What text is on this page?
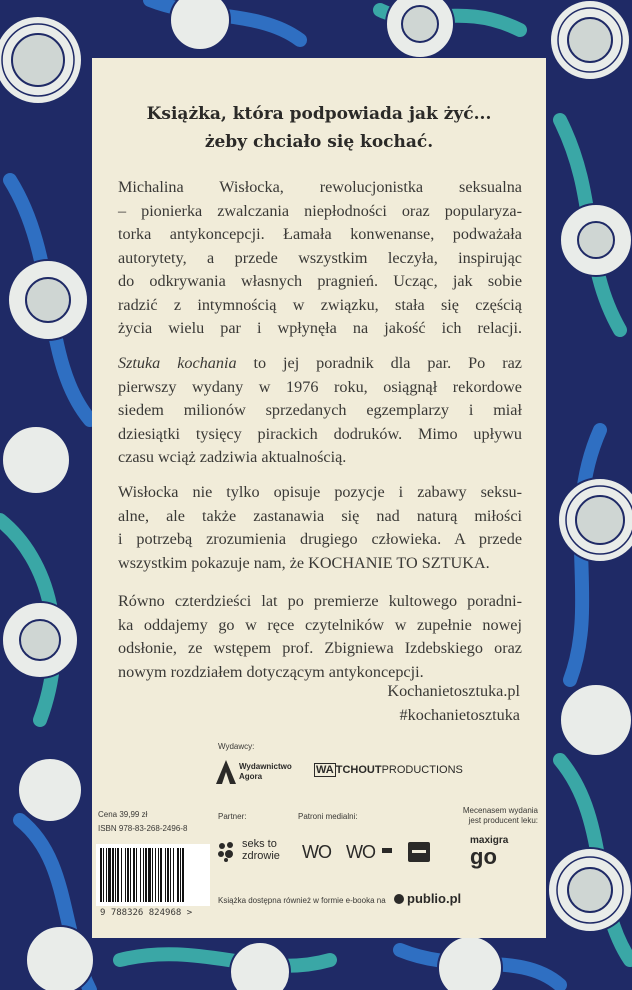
Książka, która podpowiada jak żyć...
żeby chciało się kochać.

Michalina Wisłocka, rewolucjonistka seksualna
– pionierka zwalczania niepłodności oraz popularyza-
torka antykoncepcji. Łamała konwenanse, podważała
autorytety, a przede wszystkim leczyła, inspirując
do odkrywania własnych pragnień. Ucząc, jak sobie
radzić z intymnością w związku, stała się częścią
życia wielu par i wpłynęła na jakość ich relacji.

Sztuka kochania to jej poradnik dla par. Po raz
pierwszy wydany w 1976 roku, osiągnął rekordowe
siedem milionów sprzedanych egzemplarzy i miał
dziesiątki tysięcy pirackich dodruków. Mimo upływu
czasu wciąż zadziwia aktualnością.

Wisłocka nie tylko opisuje pozycje i zabawy seksu-
alne, ale także zastanawia się nad naturą miłości
i potrzebą zrozumienia drugiego człowieka. A przede
wszystkim pokazuje nam, że KOCHANIE TO SZTUKA.

Równo czterdzieści lat po premierze kultowego poradni-
ka oddajemy go w ręce czytelników w zupełnie nowej
odsłonie, ze wstępem prof. Zbigniewa Izdebskiego oraz
nowym rozdziałem dotyczącym antykoncepcji.

Kochanietosztuka.pl
#kochanietosztuka
Wydawcy:
Wydawnictwo
Agora
WA TCHOUTPRODUCTIONS
Cena 39,99 zł
ISBN 978-83-268-2496-8
9 788326 824968 >
Partner:
seks to
zdrowie
Patroni medialni:
WO WO
Mecenasem wydania
jest producent leku:
maxigra
go
Książka dostępna również w formie e-booka na publio.pl
